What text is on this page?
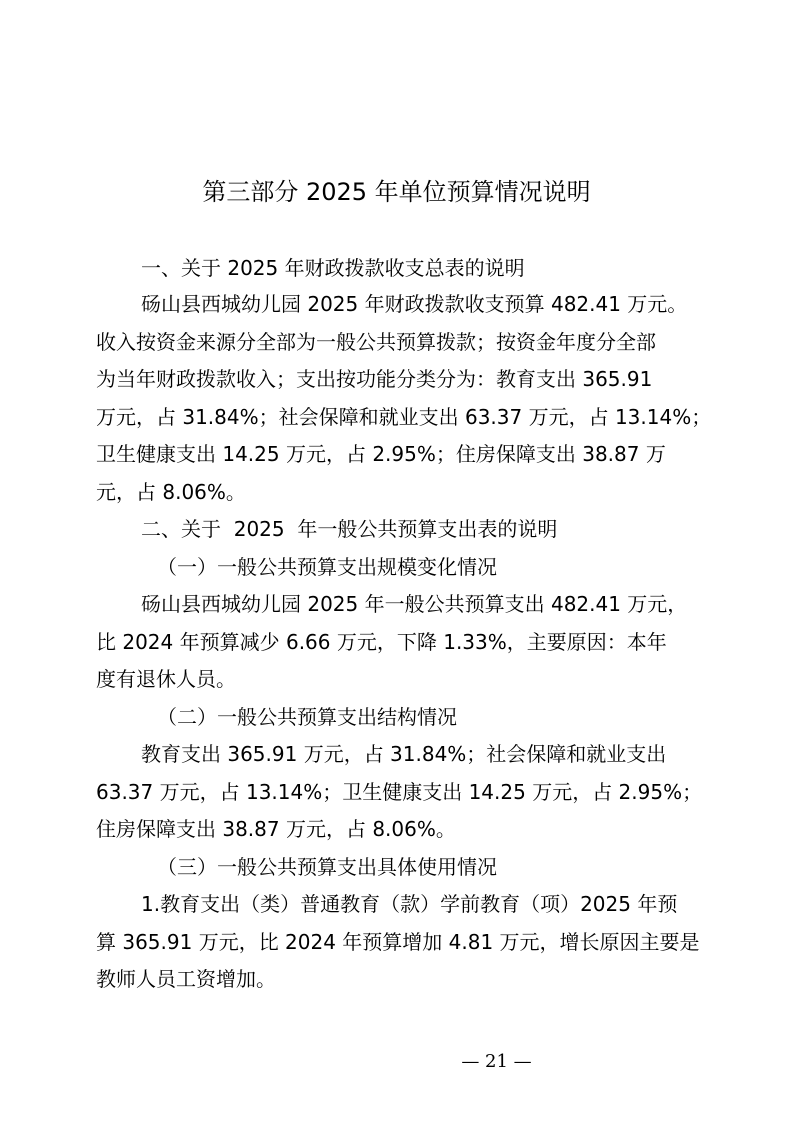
第三部分 2025 年单位预算情况说明
一、关于 2025 年财政拨款收支总表的说明
砀山县西城幼儿园 2025 年财政拨款收支预算 482.41 万元。
收入按资金来源分全部为一般公共预算拨款；按资金年度分全部
为当年财政拨款收入；支出按功能分类分为：教育支出 365.91
万元，占 31.84%；社会保障和就业支出 63.37 万元，占 13.14%；
卫生健康支出 14.25 万元，占 2.95%；住房保障支出 38.87 万
元，占 8.06%。
二、关于  2025  年一般公共预算支出表的说明
（一）一般公共预算支出规模变化情况
砀山县西城幼儿园 2025 年一般公共预算支出 482.41 万元，
比 2024 年预算减少 6.66 万元，下降 1.33%，主要原因：本年
度有退休人员。
（二）一般公共预算支出结构情况
教育支出 365.91 万元，占 31.84%；社会保障和就业支出
63.37 万元，占 13.14%；卫生健康支出 14.25 万元，占 2.95%；
住房保障支出 38.87 万元，占 8.06%。
（三）一般公共预算支出具体使用情况
1.教育支出（类）普通教育（款）学前教育（项）2025 年预
算 365.91 万元，比 2024 年预算增加 4.81 万元，增长原因主要是
教师人员工资增加。
— 21 —
